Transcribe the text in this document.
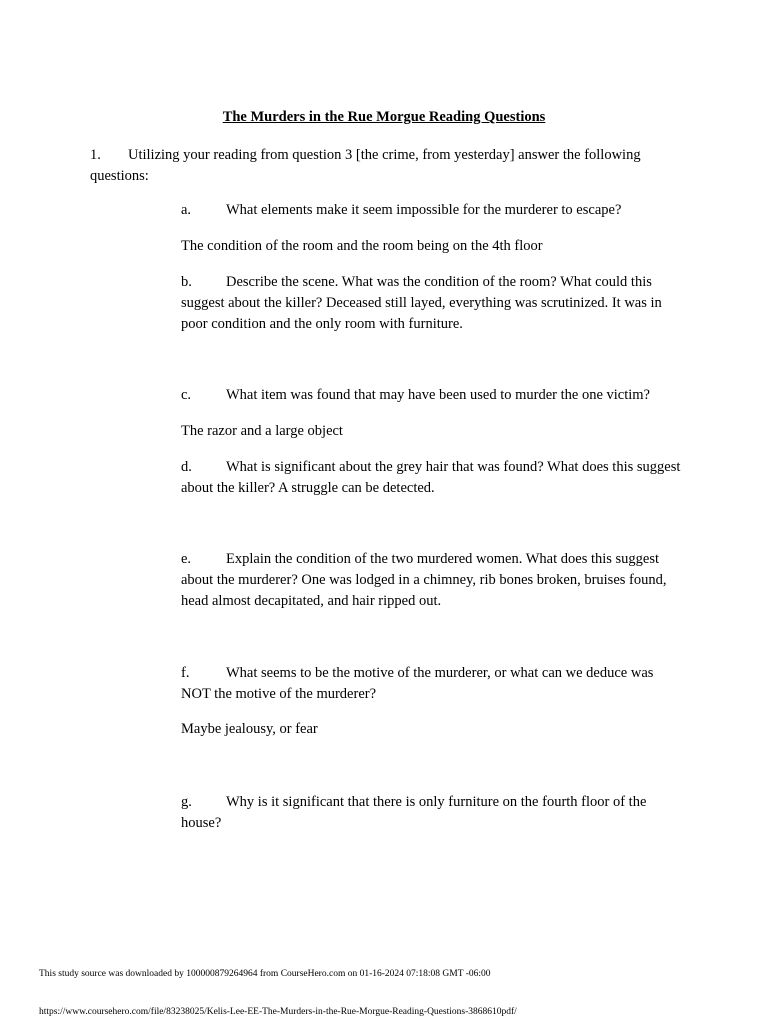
The Murders in the Rue Morgue Reading Questions
1. Utilizing your reading from question 3 [the crime, from yesterday] answer the following questions:
a. What elements make it seem impossible for the murderer to escape?
The condition of the room and the room being on the 4th floor
b. Describe the scene. What was the condition of the room? What could this suggest about the killer? Deceased still layed, everything was scrutinized. It was in poor condition and the only room with furniture.
c. What item was found that may have been used to murder the one victim?
The razor and a large object
d. What is significant about the grey hair that was found? What does this suggest about the killer? A struggle can be detected.
e. Explain the condition of the two murdered women. What does this suggest about the murderer? One was lodged in a chimney, rib bones broken, bruises found, head almost decapitated, and hair ripped out.
f.	What seems to be the motive of the murderer, or what can we deduce was NOT the motive of the murderer?
Maybe jealousy, or fear
g. Why is it significant that there is only furniture on the fourth floor of the house?
This study source was downloaded by 100000879264964 from CourseHero.com on 01-16-2024 07:18:08 GMT -06:00
https://www.coursehero.com/file/83238025/Kelis-Lee-EE-The-Murders-in-the-Rue-Morgue-Reading-Questions-3868610pdf/
